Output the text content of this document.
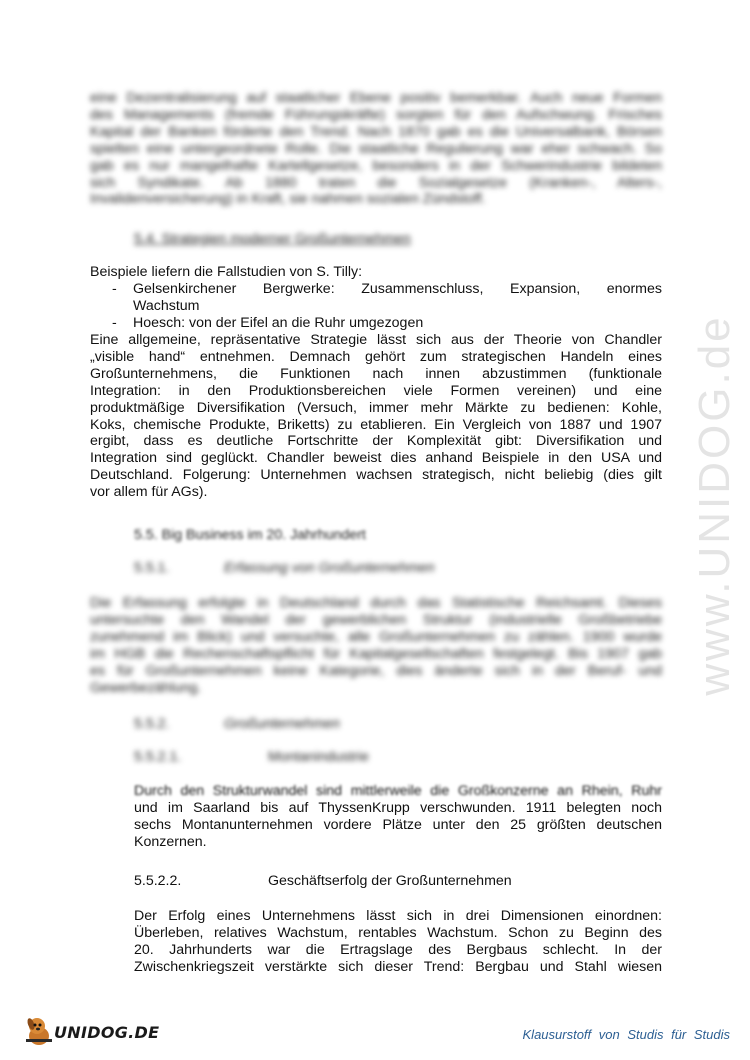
www.UNIDOG.de
eine Dezentralisierung auf staatlicher Ebene positiv bemerkbar. Auch neue Formen
des Managements (fremde Führungskräfte) sorgten für den Aufschwung. Frisches
Kapital der Banken förderte den Trend. Nach 1870 gab es die Universalbank, Börsen
spielten eine untergeordnete Rolle. Die staatliche Regulierung war eher schwach. So
gab es nur mangelhafte Kartellgesetze, besonders in der Schwerindustrie bildeten
sich Syndikate. Ab 1880 traten die Sozialgesetze (Kranken-, Alters-,
Invalidenversicherung) in Kraft, sie nahmen sozialen Zündstoff.
5.4. Strategien moderner Großunternehmen
Beispiele liefern die Fallstudien von S. Tilly:
- Gelsenkirchener Bergwerke: Zusammenschluss, Expansion, enormes
Wachstum
- Hoesch: von der Eifel an die Ruhr umgezogen
Eine allgemeine, repräsentative Strategie lässt sich aus der Theorie von Chandler
„visible hand“ entnehmen. Demnach gehört zum strategischen Handeln eines
Großunternehmens, die Funktionen nach innen abzustimmen (funktionale
Integration: in den Produktionsbereichen viele Formen vereinen) und eine
produktmäßige Diversifikation (Versuch, immer mehr Märkte zu bedienen: Kohle,
Koks, chemische Produkte, Briketts) zu etablieren. Ein Vergleich von 1887 und 1907
ergibt, dass es deutliche Fortschritte der Komplexität gibt: Diversifikation und
Integration sind geglückt. Chandler beweist dies anhand Beispiele in den USA und
Deutschland. Folgerung: Unternehmen wachsen strategisch, nicht beliebig (dies gilt
vor allem für AGs).
5.5. Big Business im 20. Jahrhundert
5.5.1.	Erfassung von Großunternehmen
Die Erfassung erfolgte in Deutschland durch das Statistische Reichsamt. Dieses
untersuchte den Wandel der gewerblichen Struktur (industrielle Großbetriebe
zunehmend im Blick) und versuchte, alle Großunternehmen zu zählen. 1900 wurde
im HGB die Rechenschaftspflicht für Kapitalgesellschaften festgelegt. Bis 1907 gab
es für Großunternehmen keine Kategorie, dies änderte sich in der Beruf- und
Gewerbezählung.
5.5.2.	Großunternehmen
5.5.2.1.	Montanindustrie
Durch den Strukturwandel sind mittlerweile die Großkonzerne an Rhein, Ruhr
und im Saarland bis auf ThyssenKrupp verschwunden. 1911 belegten noch
sechs Montanunternehmen vordere Plätze unter den 25 größten deutschen
Konzernen.
5.5.2.2.	Geschäftserfolg der Großunternehmen
Der Erfolg eines Unternehmens lässt sich in drei Dimensionen einordnen:
Überleben, relatives Wachstum, rentables Wachstum. Schon zu Beginn des
20. Jahrhunderts war die Ertragslage des Bergbaus schlecht. In der
Zwischenkriegszeit verstärkte sich dieser Trend: Bergbau und Stahl wiesen
UNIDOG.DE	Klausurstoff von Studis für Studis
